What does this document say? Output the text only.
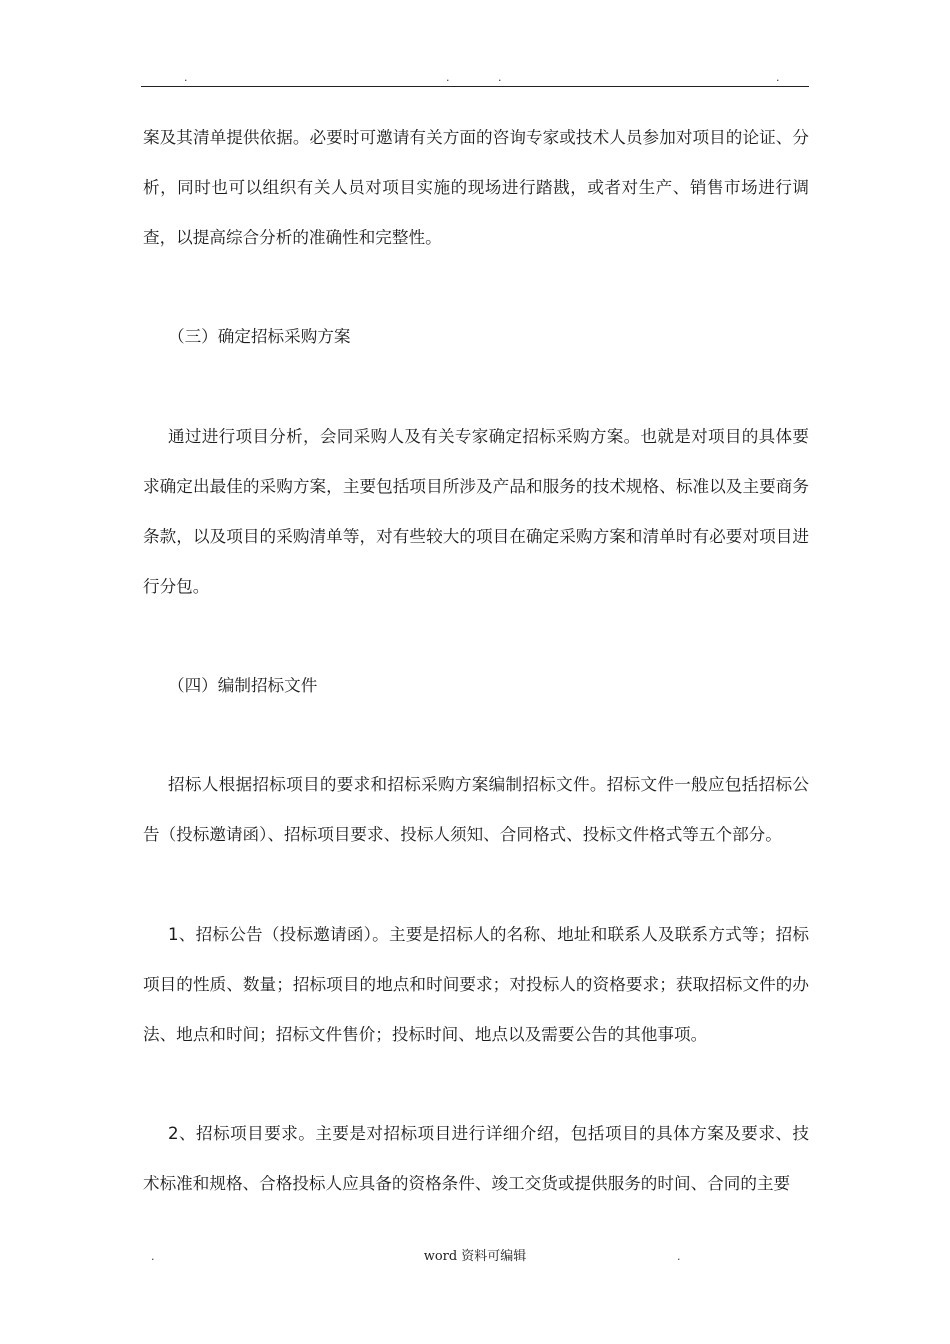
.	.	.	.

案及其清单提供依据。必要时可邀请有关方面的咨询专家或技术人员参加对项目的论证、分析，同时也可以组织有关人员对项目实施的现场进行踏戡，或者对生产、销售市场进行调查，以提高综合分析的准确性和完整性。

（三）确定招标采购方案

通过进行项目分析，会同采购人及有关专家确定招标采购方案。也就是对项目的具体要求确定出最佳的采购方案，主要包括项目所涉及产品和服务的技术规格、标准以及主要商务条款，以及项目的采购清单等，对有些较大的项目在确定采购方案和清单时有必要对项目进行分包。

（四）编制招标文件

招标人根据招标项目的要求和招标采购方案编制招标文件。招标文件一般应包括招标公告（投标邀请函）、招标项目要求、投标人须知、合同格式、投标文件格式等五个部分。

1、招标公告（投标邀请函）。主要是招标人的名称、地址和联系人及联系方式等；招标项目的性质、数量；招标项目的地点和时间要求；对投标人的资格要求；获取招标文件的办法、地点和时间；招标文件售价；投标时间、地点以及需要公告的其他事项。

2、招标项目要求。主要是对招标项目进行详细介绍，包括项目的具体方案及要求、技术标准和规格、合格投标人应具备的资格条件、竣工交货或提供服务的时间、合同的主要

.	word 资料可编辑	.
